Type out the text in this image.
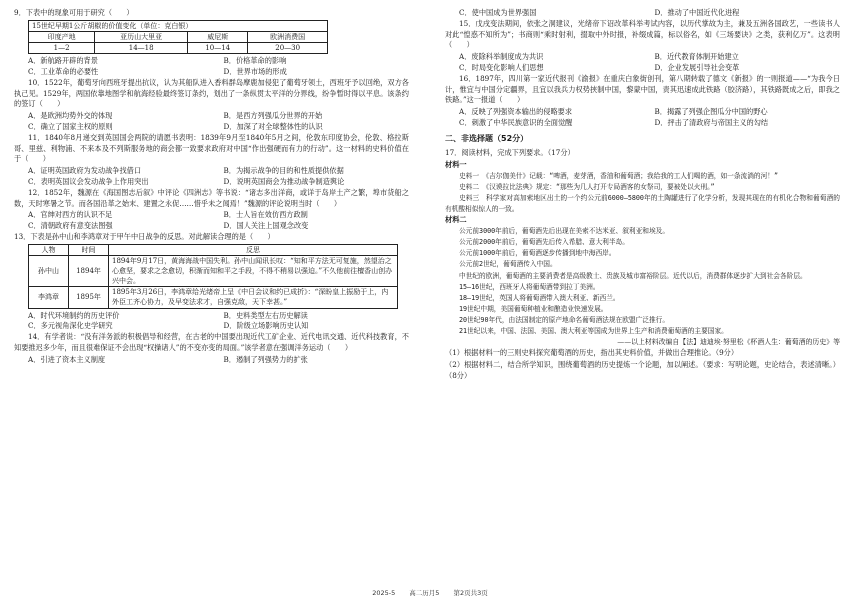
9．下表中的现象可用于研究（　　）
15世纪早期1公斤胡椒的价值变化（单位：克白银）			
印度产地	亚历山大里亚	威尼斯	欧洲消费国
1—2	14—18	10—14	20—30
A．新航路开辟的背景	B．价格革命的影响
C．工业革命的必要性	D．世界市场的形成
10．1522年，葡萄牙向西班牙提出抗议，认为其船队进入香料群岛摩鹿加侵犯了葡萄牙领土，西班牙予以回绝，双方各执己见。1529年，两国依靠地图学和航海经验最终签订条约，划出了一条纵贯太平洋的分界线，纷争暂时得以平息。该条约的签订（　　）
A．是欧洲均势外交的体现	B．是西方列强瓜分世界的开始
C．确立了国家主权的原则	D．加深了对全球整体性的认识
11．1840年8月递交到英国国会两院的请愿书表明：1839年9月至1840年5月之间，伦敦东印度协会，伦敦、格拉斯哥、里兹、利物浦、不来本及不列斯服务地的商会都一致要求政府对中国“作出强硬而有力的行动”。这一材料的史料价值在于（　　）
A．证明英国政府为发动战争找借口	B．为揭示战争的目的和性质提供依据
C．表明英国议会发动战争上作用突出	D．说明英国商会为推动战争制造舆论
12．1852年，魏源在《海国图志后叙》中评论《四洲志》等书说：“诸志多出洋商，或详于岛岸土产之繁，埠市货船之数，天时寒暑之节。而各国沿革之始末、建置之永促……惜乎未之闻焉！”魏源的评论说明当时（　　）
A．官绅对西方的认识不足	B．士人旨在效仿西方政制
C．清朝政府有意变法图强	D．国人关注上国观念改变
13．下表是孙中山和李鸿章对于甲午中日战争的反思。对此解读合理的是（　　）
人物	时间	反思
孙中山	1894年	1894年9月17日，黄海海战中国失利。孙中山闻讯长叹：“知和平方法无可复施，然望治之心愈坚，要求之念愈切，积渐而知和平之手段，不得不稍易以强迫。”不久他前往檀香山创办兴中会。
李鸿章	1895年	1895年3月26日，李鸿章给光绪帝上呈《中日会议和约已成折》：“深盼皇上振励于上，内外臣工齐心协力，及早变法求才，自强克敌，天下幸甚。”
A．时代环境制约的历史评价	B．史料类型左右历史解读
C．多元视角深化史学研究	D．阶级立场影响历史认知
14．有学者说：“没有洋务派的积极倡导和经营，在古老的中国要出现近代工矿企业、近代电讯交通、近代科技教育，不知要推迟多少年，而且很难保证不会出现“权操诸人”的不变亦变的局面。”该学者意在强调洋务运动（　　）
A．引进了资本主义制度	B．遏制了列强势力的扩张
C．使中国成为世界强国	D．推动了中国近代化进程
15．戊戌变法期间，依张之洞建议，光绪帝下诏改革科举考试内容，以历代掌故为主，兼及五洲各国政艺，一些读书人对此“惶惑不知所为”；书商则“乘时射利，掇取中外时报，补缀成篇，标以俗名，如《三场要诀》之类，获利亿万”。这表明（　　）
A．废除科举制度成为共识	B．近代教育体制开始建立
C．时局变化影响人们思想	D．企业发展引导社会变革
16．1897年，四川第一家近代报刊《渝报》在重庆白象街创刊，第八期转载了德文《新报》的一则报道——“为我今日计，惟宜与中国分定疆界，且宜以我兵力权势挟制中国，黎蒙中国，责其迅速成此铁路（胶济路），其铁路既成之后，即我之铁路。”这一报道（　　）
A．反映了列强资本输出的侵略要求	B．揭露了列强企图瓜分中国的野心
C．刺激了中华民族意识的全面觉醒	D．抨击了清政府与帝国主义的勾结
二、非选择题（52分）
17．阅读材料，完成下列要求。（17分）
材料一
史料一　《吉尔伽美什》记载：“啤酒，麦芽酒，香油和葡萄酒；我给我的工人们喝的酒，如一条流淌的河！”
史料二　《汉谟拉比法典》规定：“那些为几人打开专局酒客的女祭司，要被处以火刑。”
史料三　科学家对高加索地区出土的一个约公元前6000—5800年的土陶罐进行了化学分析，发现其现在的有机化合物和葡萄酒的有机酸相似惊人的一致。
材料二
公元前3000年前后，葡萄酒先后出现在美索不达米亚、叙利亚和埃及。
公元前2000年前后，葡萄酒先后传入希腊、意大利半岛。
公元前1000年前后，葡萄酒逐步传播到地中海西岸。
公元前2世纪，葡萄酒传入中国。
中世纪的欧洲，葡萄酒的主要消费者是高级教士、贵族及城市富裕阶层。近代以后，消费群体逐步扩大到社会各阶层。
15—16世纪，西班牙人将葡萄酒带到拉丁美洲。
18—19世纪，英国人将葡萄酒带入澳大利亚、新西兰。
19世纪中期，美国葡萄种植业和酿造业快速发展。
20世纪90年代，由法国制定的原产地命名葡萄酒法规在欧盟广泛推行。
21世纪以来，中国、法国、美国、澳大利亚等国成为世界上生产和消费葡萄酒的主要国家。
——以上材料改编自【法】迪迪埃·努里松《杯酒人生：葡萄酒的历史》等
（1）根据材料一的三则史料探究葡萄酒的历史，指出其史料价值，并做出合理推论。（9分）
（2）根据材料二，结合所学知识，围绕葡萄酒的历史提炼一个论题，加以阐述。（要求：写明论题，史论结合，表述清晰。）（8分）
2025-5 高二历月5 第2页共3页
